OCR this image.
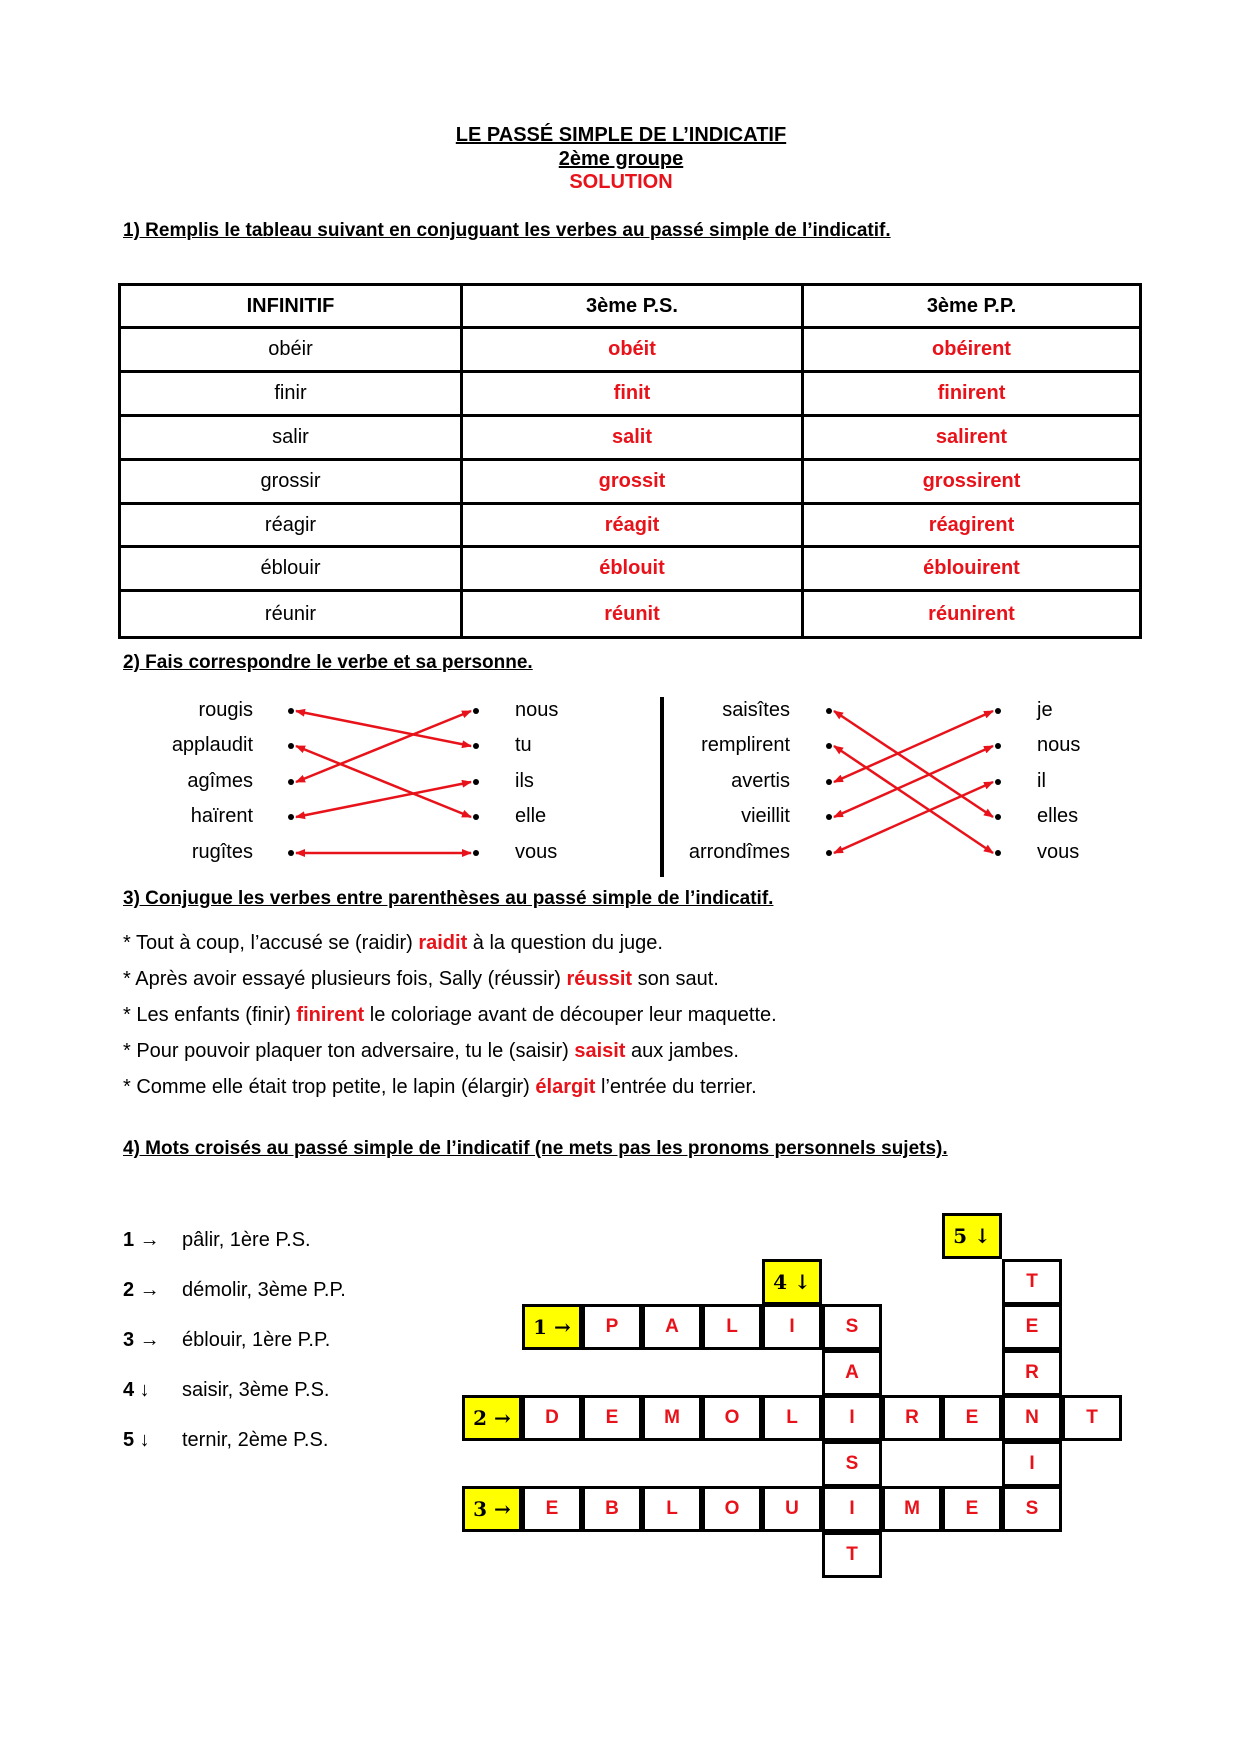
LE PASSÉ SIMPLE DE L’INDICATIF
2ème groupe
SOLUTION
1) Remplis le tableau suivant en conjuguant les verbes au passé simple de l’indicatif.
INFINITIF	3ème P.S.	3ème P.P.
obéir	obéit	obéirent
finir	finit	finirent
salir	salit	salirent
grossir	grossit	grossirent
réagir	réagit	réagirent
éblouir	éblouit	éblouirent
réunir	réunit	réunirent
2) Fais correspondre le verbe et sa personne.
rougis
applaudit
agîmes
haïrent
rugîtes
nous
tu
ils
elle
vous
saisîtes
remplirent
avertis
vieillit
arrondîmes
je
nous
il
elles
vous
3) Conjugue les verbes entre parenthèses au passé simple de l’indicatif.
* Tout à coup, l’accusé se (raidir) raidit à la question du juge.
* Après avoir essayé plusieurs fois, Sally (réussir) réussit son saut.
* Les enfants (finir) finirent le coloriage avant de découper leur maquette.
* Pour pouvoir plaquer ton adversaire, tu le (saisir) saisit aux jambes.
* Comme elle était trop petite, le lapin (élargir) élargit l’entrée du terrier.
4) Mots croisés au passé simple de l’indicatif (ne mets pas les pronoms personnels sujets).
1 → pâlir, 1ère P.S.
2 → démolir, 3ème P.P.
3 → éblouir, 1ère P.P.
4 ↓ saisir, 3ème P.S.
5 ↓ ternir, 2ème P.S.
5 ↓
4 ↓
1 →
2 →
3 →
P	A	L	I	S
D	E	M	O	L	I	R	E	N	T
E	B	L	O	U	I	M	E	S
A
S
T
T
E
R
I
